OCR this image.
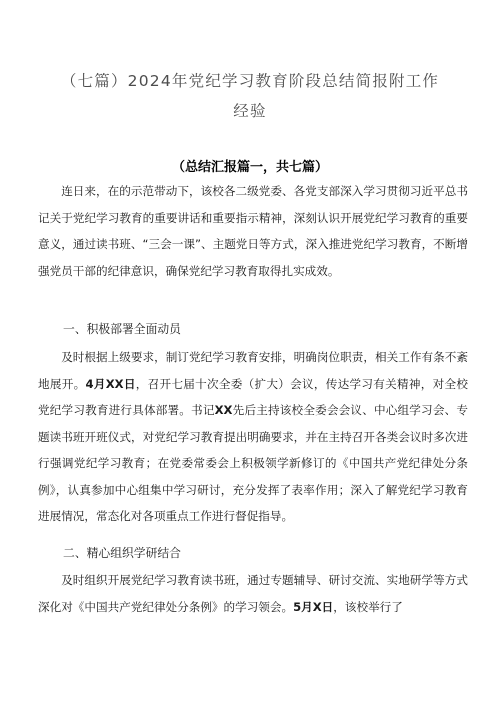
（七篇）2024年党纪学习教育阶段总结简报附工作
经验
（总结汇报篇一，共七篇）

连日来，在的示范带动下，该校各二级党委、各党支部深入学习贯彻习近平总书记关于党纪学习教育的重要讲话和重要指示精神，深刻认识开展党纪学习教育的重要意义，通过读书班、“三会一课”、主题党日等方式，深入推进党纪学习教育，不断增强党员干部的纪律意识，确保党纪学习教育取得扎实成效。

一、积极部署全面动员

及时根据上级要求，制订党纪学习教育安排，明确岗位职责，相关工作有条不紊地展开。4月XX日，召开七届十次全委（扩大）会议，传达学习有关精神，对全校党纪学习教育进行具体部署。书记XX先后主持该校全委会会议、中心组学习会、专题读书班开班仪式，对党纪学习教育提出明确要求，并在主持召开各类会议时多次进行强调党纪学习教育；在党委常委会上积极领学新修订的《中国共产党纪律处分条例》，认真参加中心组集中学习研讨，充分发挥了表率作用；深入了解党纪学习教育进展情况，常态化对各项重点工作进行督促指导。

二、精心组织学研结合

及时组织开展党纪学习教育读书班，通过专题辅导、研讨交流、实地研学等方式深化对《中国共产党纪律处分条例》的学习领会。5月X日，该校举行了
